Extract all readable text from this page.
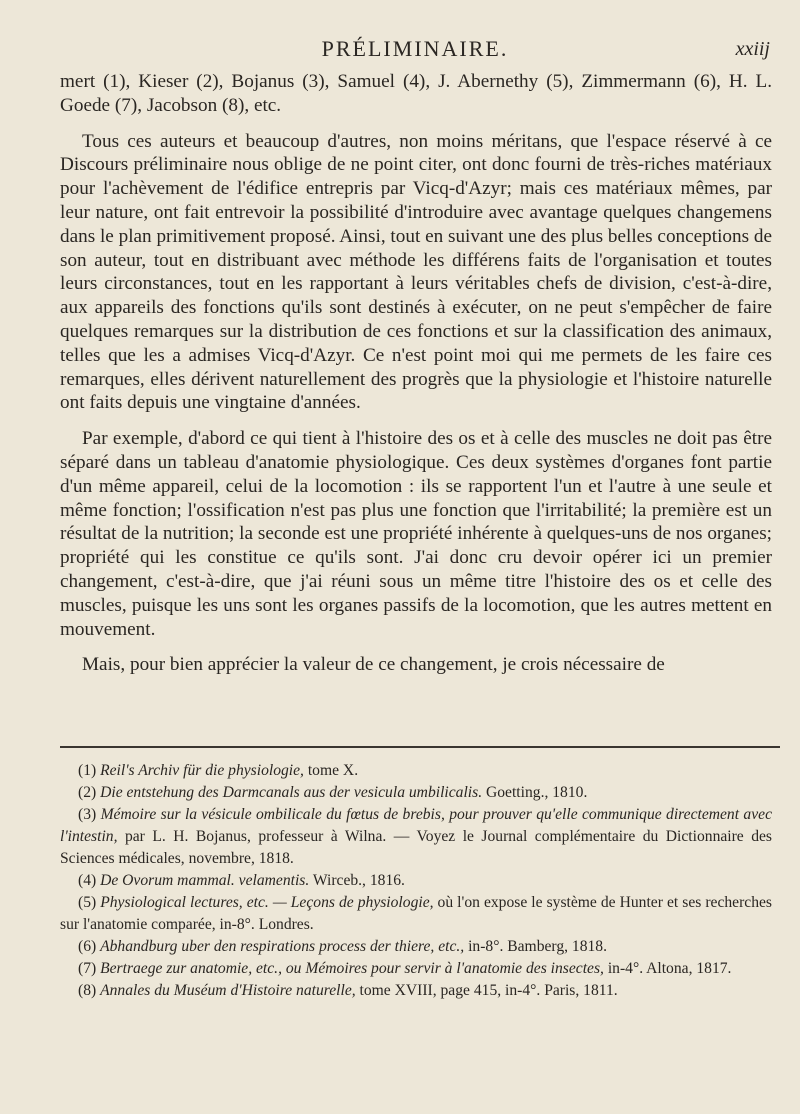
PRÉLIMINAIRE.	xxiij

mert (1), Kieser (2), Bojanus (3), Samuel (4), J. Abernethy (5), Zimmermann (6), H. L. Goede (7), Jacobson (8), etc.

Tous ces auteurs et beaucoup d'autres, non moins méritans, que l'espace réservé à ce Discours préliminaire nous oblige de ne point citer, ont donc fourni de très-riches matériaux pour l'achèvement de l'édifice entrepris par Vicq-d'Azyr; mais ces matériaux mêmes, par leur nature, ont fait entrevoir la possibilité d'introduire avec avantage quelques changemens dans le plan primitivement proposé. Ainsi, tout en suivant une des plus belles conceptions de son auteur, tout en distribuant avec méthode les différens faits de l'organisation et toutes leurs circonstances, tout en les rapportant à leurs véritables chefs de division, c'est-à-dire, aux appareils des fonctions qu'ils sont destinés à exécuter, on ne peut s'empêcher de faire quelques remarques sur la distribution de ces fonctions et sur la classification des animaux, telles que les a admises Vicq-d'Azyr. Ce n'est point moi qui me permets de les faire ces remarques, elles dérivent naturellement des progrès que la physiologie et l'histoire naturelle ont faits depuis une vingtaine d'années.

Par exemple, d'abord ce qui tient à l'histoire des os et à celle des muscles ne doit pas être séparé dans un tableau d'anatomie physiologique. Ces deux systèmes d'organes font partie d'un même appareil, celui de la locomotion : ils se rapportent l'un et l'autre à une seule et même fonction; l'ossification n'est pas plus une fonction que l'irritabilité; la première est un résultat de la nutrition; la seconde est une propriété inhérente à quelques-uns de nos organes; propriété qui les constitue ce qu'ils sont. J'ai donc cru devoir opérer ici un premier changement, c'est-à-dire, que j'ai réuni sous un même titre l'histoire des os et celle des muscles, puisque les uns sont les organes passifs de la locomotion, que les autres mettent en mouvement.

Mais, pour bien apprécier la valeur de ce changement, je crois nécessaire de

(1) Reil's Archiv für die physiologie, tome X.

(2) Die entstehung des Darmcanals aus der vesicula umbilicalis. Goetting., 1810.

(3) Mémoire sur la vésicule ombilicale du fœtus de brebis, pour prouver qu'elle communique directement avec l'intestin, par L. H. Bojanus, professeur à Wilna. — Voyez le Journal complémentaire du Dictionnaire des Sciences médicales, novembre, 1818.

(4) De Ovorum mammal. velamentis. Wirceb., 1816.

(5) Physiological lectures, etc. — Leçons de physiologie, où l'on expose le système de Hunter et ses recherches sur l'anatomie comparée, in-8°. Londres.

(6) Abhandburg uber den respirations process der thiere, etc., in-8°. Bamberg, 1818.

(7) Bertraege zur anatomie, etc., ou Mémoires pour servir à l'anatomie des insectes, in-4°. Altona, 1817.

(8) Annales du Muséum d'Histoire naturelle, tome XVIII, page 415, in-4°. Paris, 1811.
